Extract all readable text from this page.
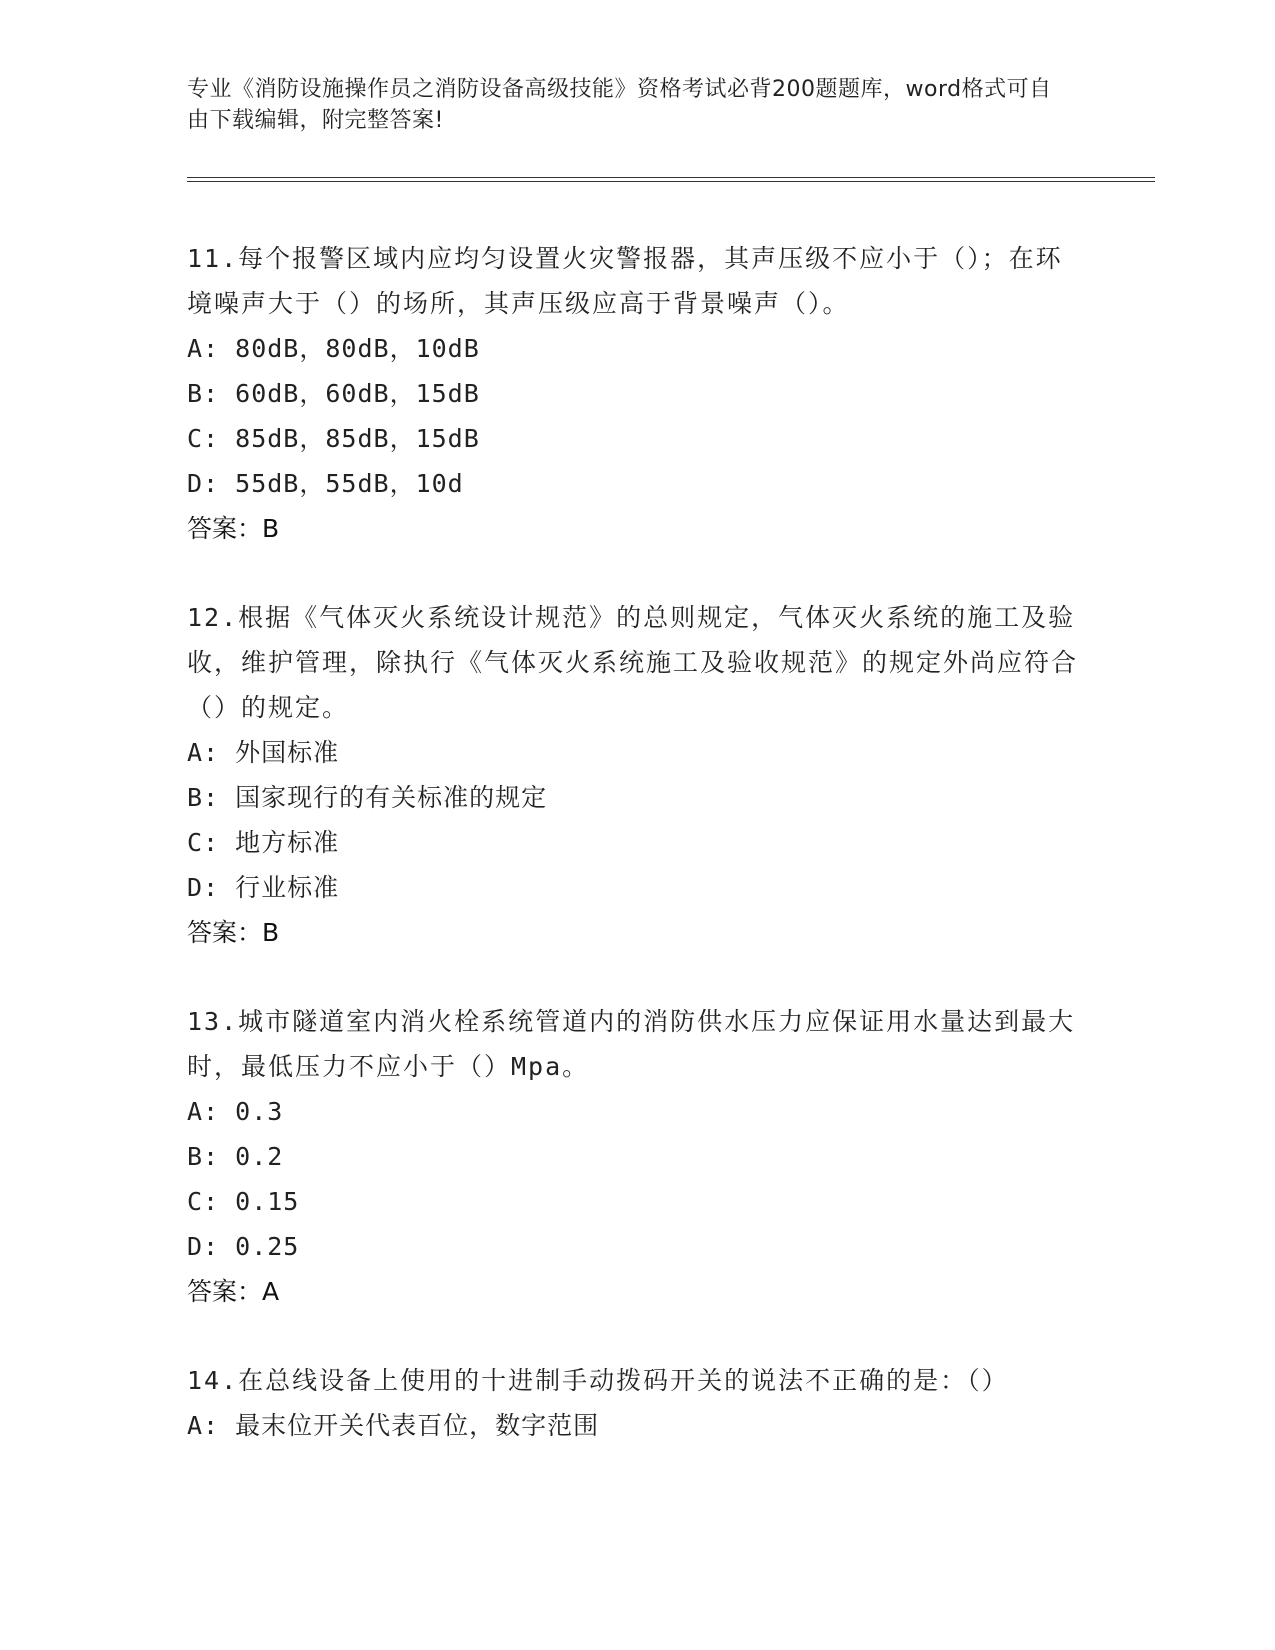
专业《消防设施操作员之消防设备高级技能》资格考试必背200题题库，word格式可自由下载编辑，附完整答案!

11.每个报警区域内应均匀设置火灾警报器，其声压级不应小于（）；在环境噪声大于（）的场所，其声压级应高于背景噪声（）。

A: 80dB，80dB，10dB

B: 60dB，60dB，15dB

C: 85dB，85dB，15dB

D: 55dB，55dB，10d

答案：B

12.根据《气体灭火系统设计规范》的总则规定，气体灭火系统的施工及验收，维护管理，除执行《气体灭火系统施工及验收规范》的规定外尚应符合（）的规定。

A: 外国标准

B: 国家现行的有关标准的规定

C: 地方标准

D: 行业标准

答案：B

13.城市隧道室内消火栓系统管道内的消防供水压力应保证用水量达到最大时，最低压力不应小于（）Mpa。

A: 0.3

B: 0.2

C: 0.15

D: 0.25

答案：A

14.在总线设备上使用的十进制手动拨码开关的说法不正确的是：（）

A: 最末位开关代表百位，数字范围
